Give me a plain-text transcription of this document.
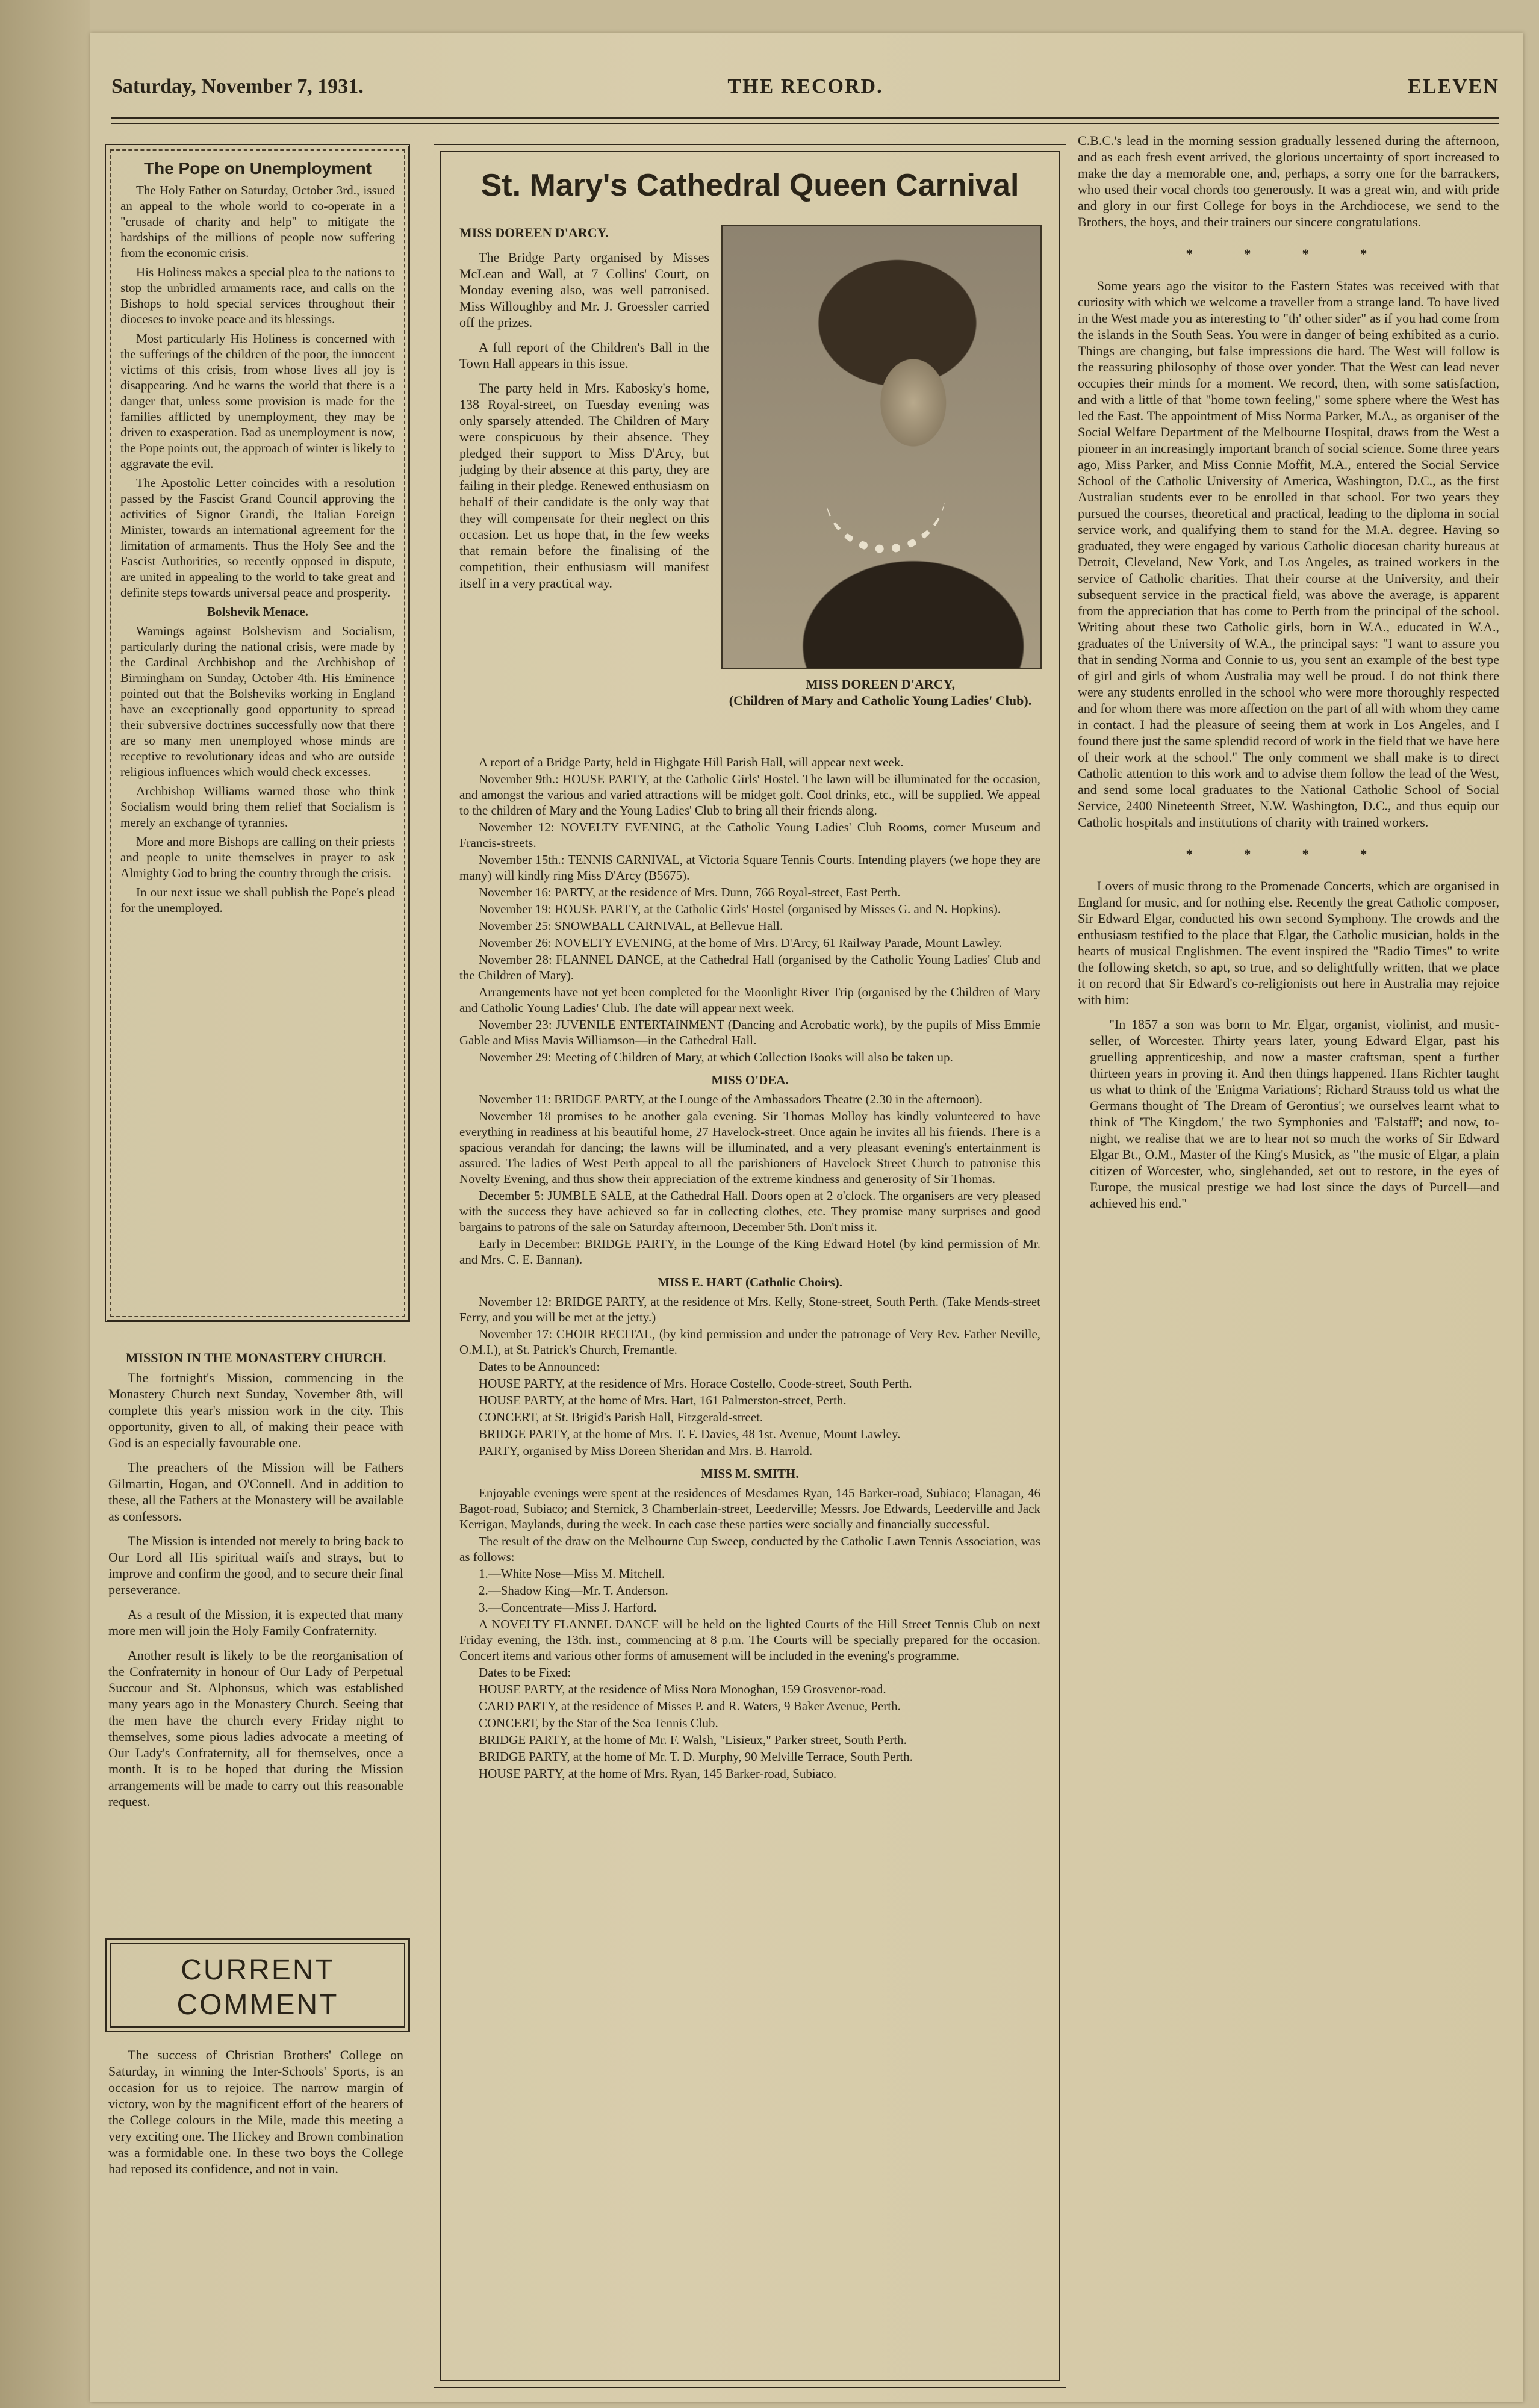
Saturday, November 7, 1931.	THE RECORD.	ELEVEN
The Pope on Unemployment

The Holy Father on Saturday, October 3rd., issued an appeal to the whole world to co-operate in a "crusade of charity and help" to mitigate the hardships of the millions of people now suffering from the economic crisis.

His Holiness makes a special plea to the nations to stop the unbridled armaments race, and calls on the Bishops to hold special services throughout their dioceses to invoke peace and its blessings.

Most particularly His Holiness is concerned with the sufferings of the children of the poor, the innocent victims of this crisis, from whose lives all joy is disappearing. And he warns the world that there is a danger that, unless some provision is made for the families afflicted by unemployment, they may be driven to exasperation. Bad as unemployment is now, the Pope points out, the approach of winter is likely to aggravate the evil.

The Apostolic Letter coincides with a resolution passed by the Fascist Grand Council approving the activities of Signor Grandi, the Italian Foreign Minister, towards an international agreement for the limitation of armaments. Thus the Holy See and the Fascist Authorities, so recently opposed in dispute, are united in appealing to the world to take great and definite steps towards universal peace and prosperity.

Bolshevik Menace.

Warnings against Bolshevism and Socialism, particularly during the national crisis, were made by the Cardinal Archbishop and the Archbishop of Birmingham on Sunday, October 4th. His Eminence pointed out that the Bolsheviks working in England have an exceptionally good opportunity to spread their subversive doctrines successfully now that there are so many men unemployed whose minds are receptive to revolutionary ideas and who are outside religious influences which would check excesses.

Archbishop Williams warned those who think Socialism would bring them relief that Socialism is merely an exchange of tyrannies.

More and more Bishops are calling on their priests and people to unite themselves in prayer to ask Almighty God to bring the country through the crisis.

In our next issue we shall publish the Pope's plead for the unemployed.

MISSION IN THE MONASTERY CHURCH.

The fortnight's Mission, commencing in the Monastery Church next Sunday, November 8th, will complete this year's mission work in the city. This opportunity, given to all, of making their peace with God is an especially favourable one.

The preachers of the Mission will be Fathers Gilmartin, Hogan, and O'Connell. And in addition to these, all the Fathers at the Monastery will be available as confessors.

The Mission is intended not merely to bring back to Our Lord all His spiritual waifs and strays, but to improve and confirm the good, and to secure their final perseverance.

As a result of the Mission, it is expected that many more men will join the Holy Family Confraternity.

Another result is likely to be the reorganisation of the Confraternity in honour of Our Lady of Perpetual Succour and St. Alphonsus, which was established many years ago in the Monastery Church. Seeing that the men have the church every Friday night to themselves, some pious ladies advocate a meeting of Our Lady's Confraternity, all for themselves, once a month. It is to be hoped that during the Mission arrangements will be made to carry out this reasonable request.

CURRENT
COMMENT

The success of Christian Brothers' College on Saturday, in winning the Inter-Schools' Sports, is an occasion for us to rejoice. The narrow margin of victory, won by the magnificent effort of the bearers of the College colours in the Mile, made this meeting a very exciting one. The Hickey and Brown combination was a formidable one. In these two boys the College had reposed its confidence, and not in vain.

St. Mary's Cathedral Queen Carnival

MISS DOREEN D'ARCY.

The Bridge Party organised by Misses McLean and Wall, at 7 Collins' Court, on Monday evening also, was well patronised. Miss Willoughby and Mr. J. Groessler carried off the prizes.

A full report of the Children's Ball in the Town Hall appears in this issue.

The party held in Mrs. Kabosky's home, 138 Royal-street, on Tuesday evening was only sparsely attended. The Children of Mary were conspicuous by their absence. They pledged their support to Miss D'Arcy, but judging by their absence at this party, they are failing in their pledge. Renewed enthusiasm on behalf of their candidate is the only way that they will compensate for their neglect on this occasion. Let us hope that, in the few weeks that remain before the finalising of the competition, their enthusiasm will manifest itself in a very practical way.

MISS DOREEN D'ARCY,
(Children of Mary and Catholic Young Ladies' Club).

A report of a Bridge Party, held in Highgate Hill Parish Hall, will appear next week.

November 9th.: HOUSE PARTY, at the Catholic Girls' Hostel. The lawn will be illuminated for the occasion, and amongst the various and varied attractions will be midget golf. Cool drinks, etc., will be supplied. We appeal to the children of Mary and the Young Ladies' Club to bring all their friends along.

November 12: NOVELTY EVENING, at the Catholic Young Ladies' Club Rooms, corner Museum and Francis-streets.

November 15th.: TENNIS CARNIVAL, at Victoria Square Tennis Courts. Intending players (we hope they are many) will kindly ring Miss D'Arcy (B5675).

November 16: PARTY, at the residence of Mrs. Dunn, 766 Royal-street, East Perth.

November 19: HOUSE PARTY, at the Catholic Girls' Hostel (organised by Misses G. and N. Hopkins).

November 25: SNOWBALL CARNIVAL, at Bellevue Hall.

November 26: NOVELTY EVENING, at the home of Mrs. D'Arcy, 61 Railway Parade, Mount Lawley.

November 28: FLANNEL DANCE, at the Cathedral Hall (organised by the Catholic Young Ladies' Club and the Children of Mary).

Arrangements have not yet been completed for the Moonlight River Trip (organised by the Children of Mary and Catholic Young Ladies' Club. The date will appear next week.

November 23: JUVENILE ENTERTAINMENT (Dancing and Acrobatic work), by the pupils of Miss Emmie Gable and Miss Mavis Williamson—in the Cathedral Hall.

November 29: Meeting of Children of Mary, at which Collection Books will also be taken up.

MISS O'DEA.

November 11: BRIDGE PARTY, at the Lounge of the Ambassadors Theatre (2.30 in the afternoon).

November 18 promises to be another gala evening. Sir Thomas Molloy has kindly volunteered to have everything in readiness at his beautiful home, 27 Havelock-street. Once again he invites all his friends. There is a spacious verandah for dancing; the lawns will be illuminated, and a very pleasant evening's entertainment is assured. The ladies of West Perth appeal to all the parishioners of Havelock Street Church to patronise this Novelty Evening, and thus show their appreciation of the extreme kindness and generosity of Sir Thomas.

December 5: JUMBLE SALE, at the Cathedral Hall. Doors open at 2 o'clock. The organisers are very pleased with the success they have achieved so far in collecting clothes, etc. They promise many surprises and good bargains to patrons of the sale on Saturday afternoon, December 5th. Don't miss it.

Early in December: BRIDGE PARTY, in the Lounge of the King Edward Hotel (by kind permission of Mr. and Mrs. C. E. Bannan).

MISS E. HART (Catholic Choirs).

November 12: BRIDGE PARTY, at the residence of Mrs. Kelly, Stone-street, South Perth. (Take Mends-street Ferry, and you will be met at the jetty.)

November 17: CHOIR RECITAL, (by kind permission and under the patronage of Very Rev. Father Neville, O.M.I.), at St. Patrick's Church, Fremantle.

Dates to be Announced:

HOUSE PARTY, at the residence of Mrs. Horace Costello, Coode-street, South Perth.

HOUSE PARTY, at the home of Mrs. Hart, 161 Palmerston-street, Perth.

CONCERT, at St. Brigid's Parish Hall, Fitzgerald-street.

BRIDGE PARTY, at the home of Mrs. T. F. Davies, 48 1st. Avenue, Mount Lawley.

PARTY, organised by Miss Doreen Sheridan and Mrs. B. Harrold.

MISS M. SMITH.

Enjoyable evenings were spent at the residences of Mesdames Ryan, 145 Barker-road, Subiaco; Flanagan, 46 Bagot-road, Subiaco; and Sternick, 3 Chamberlain-street, Leederville; Messrs. Joe Edwards, Leederville and Jack Kerrigan, Maylands, during the week. In each case these parties were socially and financially successful.

The result of the draw on the Melbourne Cup Sweep, conducted by the Catholic Lawn Tennis Association, was as follows:

1.—White Nose—Miss M. Mitchell.

2.—Shadow King—Mr. T. Anderson.

3.—Concentrate—Miss J. Harford.

A NOVELTY FLANNEL DANCE will be held on the lighted Courts of the Hill Street Tennis Club on next Friday evening, the 13th. inst., commencing at 8 p.m. The Courts will be specially prepared for the occasion. Concert items and various other forms of amusement will be included in the evening's programme.

Dates to be Fixed:

HOUSE PARTY, at the residence of Miss Nora Monoghan, 159 Grosvenor-road.

CARD PARTY, at the residence of Misses P. and R. Waters, 9 Baker Avenue, Perth.

CONCERT, by the Star of the Sea Tennis Club.

BRIDGE PARTY, at the home of Mr. F. Walsh, "Lisieux," Parker street, South Perth.

BRIDGE PARTY, at the home of Mr. T. D. Murphy, 90 Melville Terrace, South Perth.

HOUSE PARTY, at the home of Mrs. Ryan, 145 Barker-road, Subiaco.

C.B.C.'s lead in the morning session gradually lessened during the afternoon, and as each fresh event arrived, the glorious uncertainty of sport increased to make the day a memorable one, and, perhaps, a sorry one for the barrackers, who used their vocal chords too generously. It was a great win, and with pride and glory in our first College for boys in the Archdiocese, we send to the Brothers, the boys, and their trainers our sincere congratulations.

* * * *

Some years ago the visitor to the Eastern States was received with that curiosity with which we welcome a traveller from a strange land. To have lived in the West made you as interesting to "th' other sider" as if you had come from the islands in the South Seas. You were in danger of being exhibited as a curio. Things are changing, but false impressions die hard. The West will follow is the reassuring philosophy of those over yonder. That the West can lead never occupies their minds for a moment. We record, then, with some satisfaction, and with a little of that "home town feeling," some sphere where the West has led the East. The appointment of Miss Norma Parker, M.A., as organiser of the Social Welfare Department of the Melbourne Hospital, draws from the West a pioneer in an increasingly important branch of social science. Some three years ago, Miss Parker, and Miss Connie Moffit, M.A., entered the Social Service School of the Catholic University of America, Washington, D.C., as the first Australian students ever to be enrolled in that school. For two years they pursued the courses, theoretical and practical, leading to the diploma in social service work, and qualifying them to stand for the M.A. degree. Having so graduated, they were engaged by various Catholic diocesan charity bureaus at Detroit, Cleveland, New York, and Los Angeles, as trained workers in the service of Catholic charities. That their course at the University, and their subsequent service in the practical field, was above the average, is apparent from the appreciation that has come to Perth from the principal of the school. Writing about these two Catholic girls, born in W.A., educated in W.A., graduates of the University of W.A., the principal says: "I want to assure you that in sending Norma and Connie to us, you sent an example of the best type of girl and girls of whom Australia may well be proud. I do not think there were any students enrolled in the school who were more thoroughly respected and for whom there was more affection on the part of all with whom they came in contact. I had the pleasure of seeing them at work in Los Angeles, and I found there just the same splendid record of work in the field that we have here of their work at the school." The only comment we shall make is to direct Catholic attention to this work and to advise them follow the lead of the West, and send some local graduates to the National Catholic School of Social Service, 2400 Nineteenth Street, N.W. Washington, D.C., and thus equip our Catholic hospitals and institutions of charity with trained workers.

* * * *

Lovers of music throng to the Promenade Concerts, which are organised in England for music, and for nothing else. Recently the great Catholic composer, Sir Edward Elgar, conducted his own second Symphony. The crowds and the enthusiasm testified to the place that Elgar, the Catholic musician, holds in the hearts of musical Englishmen. The event inspired the "Radio Times" to write the following sketch, so apt, so true, and so delightfully written, that we place it on record that Sir Edward's co-religionists out here in Australia may rejoice with him:

"In 1857 a son was born to Mr. Elgar, organist, violinist, and music-seller, of Worcester. Thirty years later, young Edward Elgar, past his gruelling apprenticeship, and now a master craftsman, spent a further thirteen years in proving it. And then things happened. Hans Richter taught us what to think of the 'Enigma Variations'; Richard Strauss told us what the Germans thought of 'The Dream of Gerontius'; we ourselves learnt what to think of 'The Kingdom,' the two Symphonies and 'Falstaff'; and now, to-night, we realise that we are to hear not so much the works of Sir Edward Elgar Bt., O.M., Master of the King's Musick, as "the music of Elgar, a plain citizen of Worcester, who, singlehanded, set out to restore, in the eyes of Europe, the musical prestige we had lost since the days of Purcell—and achieved his end."
